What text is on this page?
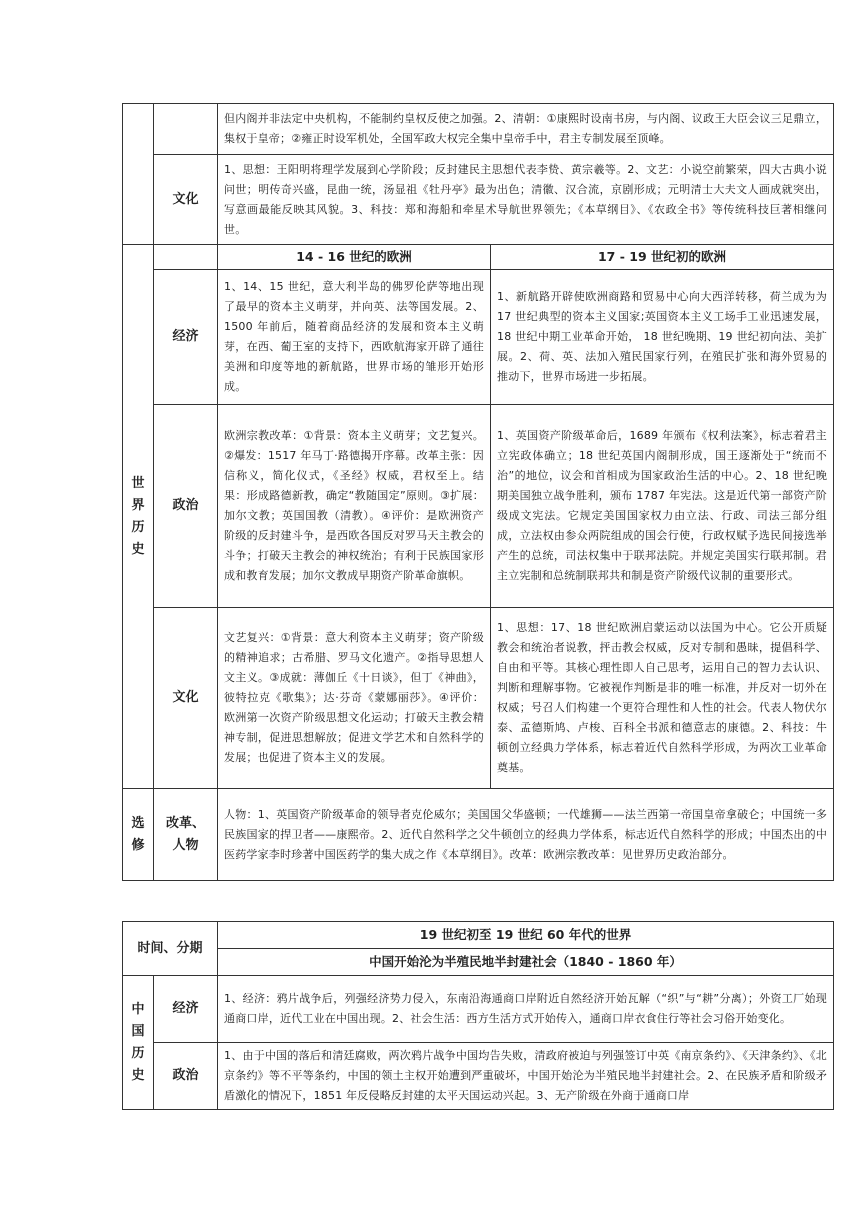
		但内阁并非法定中央机构，不能制约皇权反使之加强。2、清朝：①康熙时设南书房，与内阁、议政王大臣会议三足鼎立，集权于皇帝；②雍正时设军机处，全国军政大权完全集中皇帝手中，君主专制发展至顶峰。	
	文化	1、思想：王阳明将理学发展到心学阶段；反封建民主思想代表李贽、黄宗羲等。2、文艺：小说空前繁荣，四大古典小说问世；明传奇兴盛，昆曲一统，汤显祖《牡丹亭》最为出色；清徽、汉合流，京剧形成；元明清士大夫文人画成就突出，写意画最能反映其风貌。3、科技：郑和海船和牵星术导航世界领先；《本草纲目》、《农政全书》等传统科技巨著相继问世。	
世界历史		14 - 16 世纪的欧洲	17 - 19 世纪初的欧洲
	经济	1、14、15 世纪，意大利半岛的佛罗伦萨等地出现了最早的资本主义萌芽，并向英、法等国发展。2、1500 年前后，随着商品经济的发展和资本主义萌芽，在西、葡王室的支持下，西欧航海家开辟了通往美洲和印度等地的新航路，世界市场的雏形开始形成。	1、新航路开辟使欧洲商路和贸易中心向大西洋转移，荷兰成为为 17 世纪典型的资本主义国家;英国资本主义工场手工业迅速发展，18 世纪中期工业革命开始， 18 世纪晚期、19 世纪初向法、美扩展。2、荷、英、法加入殖民国家行列，在殖民扩张和海外贸易的推动下，世界市场进一步拓展。
	政治	欧洲宗教改革：①背景：资本主义萌芽；文艺复兴。②爆发：1517 年马丁·路德揭开序幕。改革主张：因信称义，简化仪式，《圣经》权威，君权至上。结果：形成路德新教，确定“教随国定”原则。③扩展：加尔文教；英国国教（清教）。④评价：是欧洲资产阶级的反封建斗争，是西欧各国反对罗马天主教会的斗争；打破天主教会的神权统治；有利于民族国家形成和教育发展；加尔文教成早期资产阶革命旗帜。	1、英国资产阶级革命后，1689 年颁布《权利法案》，标志着君主立宪政体确立；18 世纪英国内阁制形成，国王逐渐处于“统而不治”的地位，议会和首相成为国家政治生活的中心。2、18 世纪晚期美国独立战争胜利，颁布 1787 年宪法。这是近代第一部资产阶级成文宪法。它规定美国国家权力由立法、行政、司法三部分组成，立法权由参众两院组成的国会行使，行政权赋予选民间接选举产生的总统，司法权集中于联邦法院。并规定美国实行联邦制。君主立宪制和总统制联邦共和制是资产阶级代议制的重要形式。
	文化	文艺复兴：①背景：意大利资本主义萌芽；资产阶级的精神追求；古希腊、罗马文化遗产。②指导思想人文主义。③成就：薄伽丘《十日谈》，但丁《神曲》，彼特拉克《歌集》；达·芬奇《蒙娜丽莎》。④评价：欧洲第一次资产阶级思想文化运动；打破天主教会精神专制，促进思想解放；促进文学艺术和自然科学的发展；也促进了资本主义的发展。	1、思想：17、18 世纪欧洲启蒙运动以法国为中心。它公开质疑教会和统治者说教，抨击教会权威，反对专制和愚昧，提倡科学、自由和平等。其核心理性即人自己思考，运用自己的智力去认识、判断和理解事物。它被视作判断是非的唯一标准，并反对一切外在权威；号召人们构建一个更符合理性和人性的社会。代表人物伏尔泰、孟德斯鸠、卢梭、百科全书派和德意志的康德。2、科技：牛顿创立经典力学体系，标志着近代自然科学形成，为两次工业革命奠基。
选修	改革、人物	人物：1、英国资产阶级革命的领导者克伦威尔；美国国父华盛顿；一代雄狮——法兰西第一帝国皇帝拿破仑；中国统一多民族国家的捍卫者——康熙帝。2、近代自然科学之父牛顿创立的经典力学体系，标志近代自然科学的形成；中国杰出的中医药学家李时珍著中国医药学的集大成之作《本草纲目》。改革：欧洲宗教改革：见世界历史政治部分。	
时间、分期		19 世纪初至 19 世纪 60 年代的世界
		中国开始沦为半殖民地半封建社会（1840 - 1860 年）
中国历史	经济	1、经济：鸦片战争后，列强经济势力侵入，东南沿海通商口岸附近自然经济开始瓦解（“织”与“耕”分离）；外资工厂始现通商口岸，近代工业在中国出现。2、社会生活：西方生活方式开始传入，通商口岸衣食住行等社会习俗开始变化。
	政治	1、由于中国的落后和清廷腐败，两次鸦片战争中国均告失败，清政府被迫与列强签订中英《南京条约》、《天津条约》、《北京条约》等不平等条约，中国的领土主权开始遭到严重破坏，中国开始沦为半殖民地半封建社会。2、在民族矛盾和阶级矛盾激化的情况下，1851 年反侵略反封建的太平天国运动兴起。3、无产阶级在外商于通商口岸
